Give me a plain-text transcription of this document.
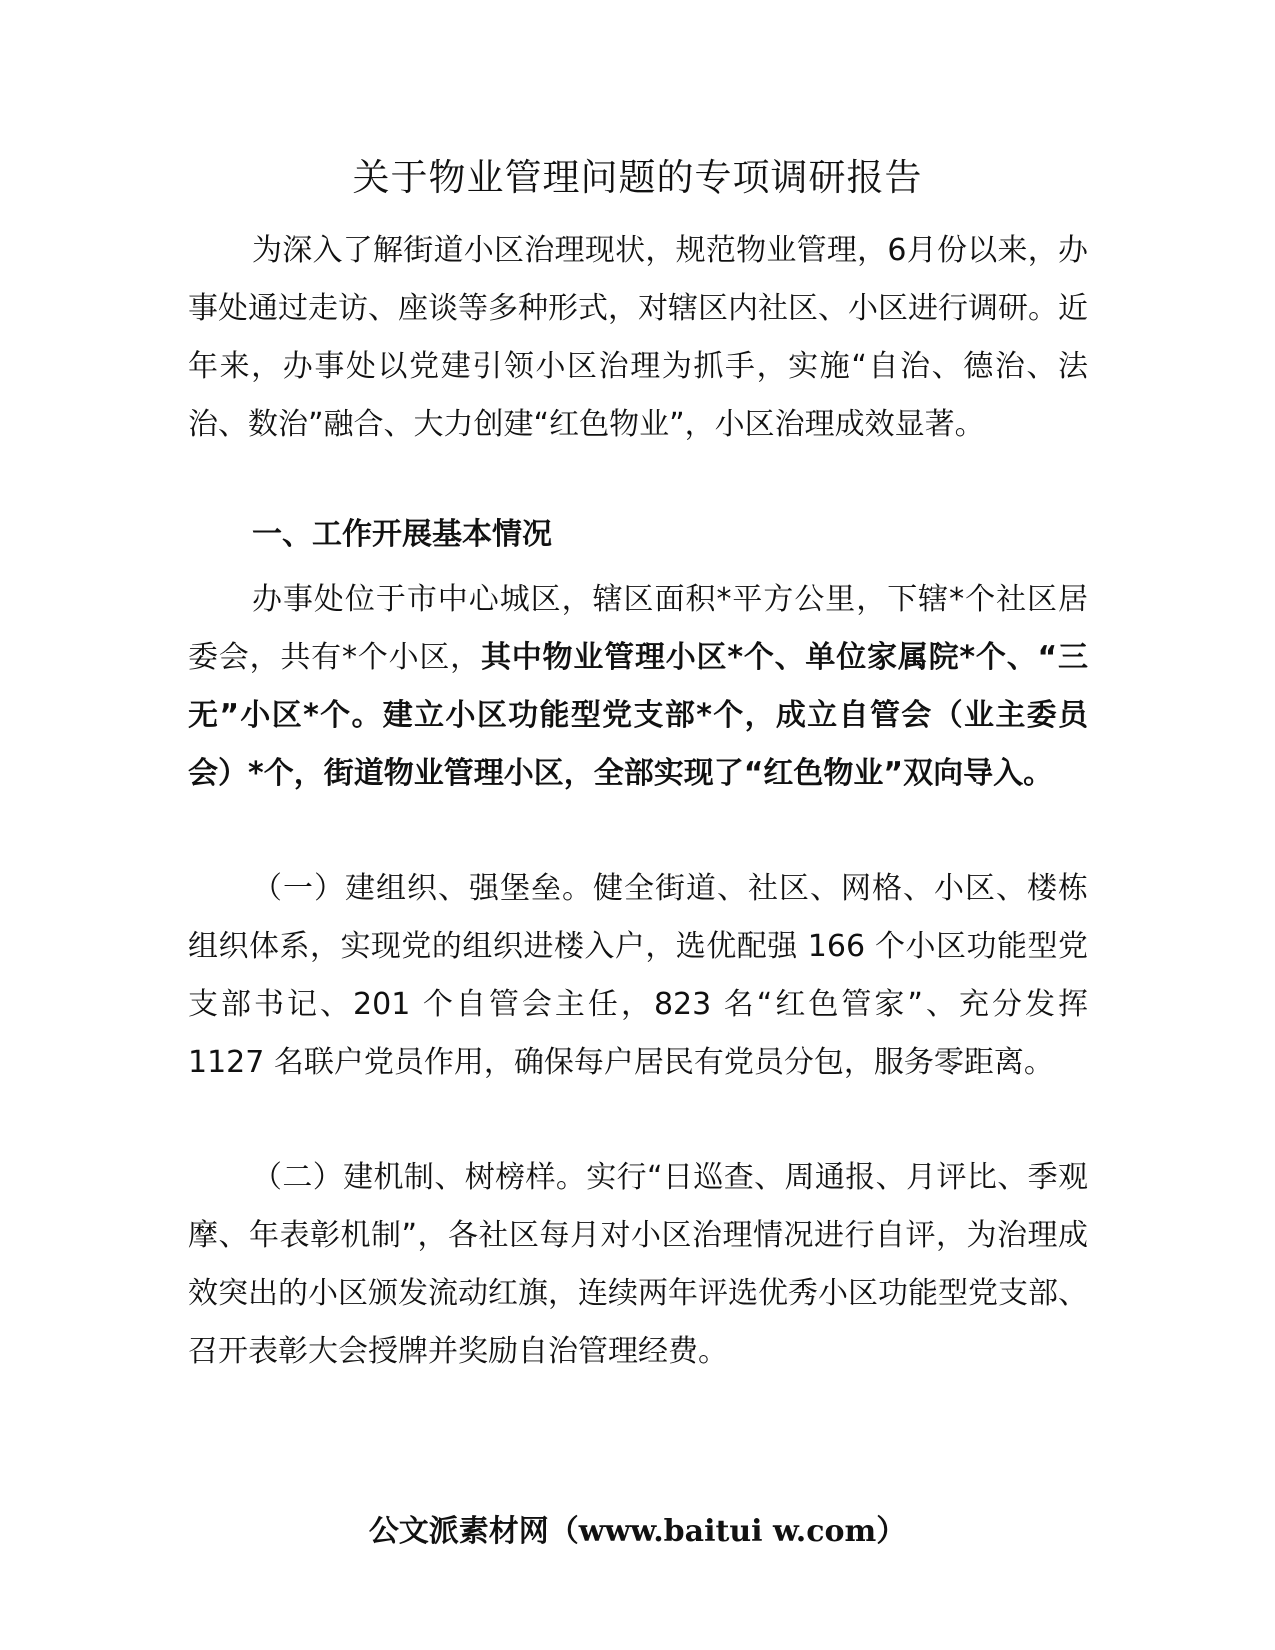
关于物业管理问题的专项调研报告

为深入了解街道小区治理现状，规范物业管理，6月份以来，办事处通过走访、座谈等多种形式，对辖区内社区、小区进行调研。近年来，办事处以党建引领小区治理为抓手，实施“自治、德治、法治、数治”融合、大力创建“红色物业”，小区治理成效显著。

一、工作开展基本情况

办事处位于市中心城区，辖区面积*平方公里，下辖*个社区居委会，共有*个小区，其中物业管理小区*个、单位家属院*个、“三无”小区*个。建立小区功能型党支部*个，成立自管会（业主委员会）*个，街道物业管理小区，全部实现了“红色物业”双向导入。

（一）建组织、强堡垒。健全街道、社区、网格、小区、楼栋组织体系，实现党的组织进楼入户，选优配强 166 个小区功能型党支部书记、201 个自管会主任，823 名“红色管家”、充分发挥 1127 名联户党员作用，确保每户居民有党员分包，服务零距离。

（二）建机制、树榜样。实行“日巡查、周通报、月评比、季观摩、年表彰机制”，各社区每月对小区治理情况进行自评，为治理成效突出的小区颁发流动红旗，连续两年评选优秀小区功能型党支部、召开表彰大会授牌并奖励自治管理经费。

公文派素材网（www.baitui w.com）
